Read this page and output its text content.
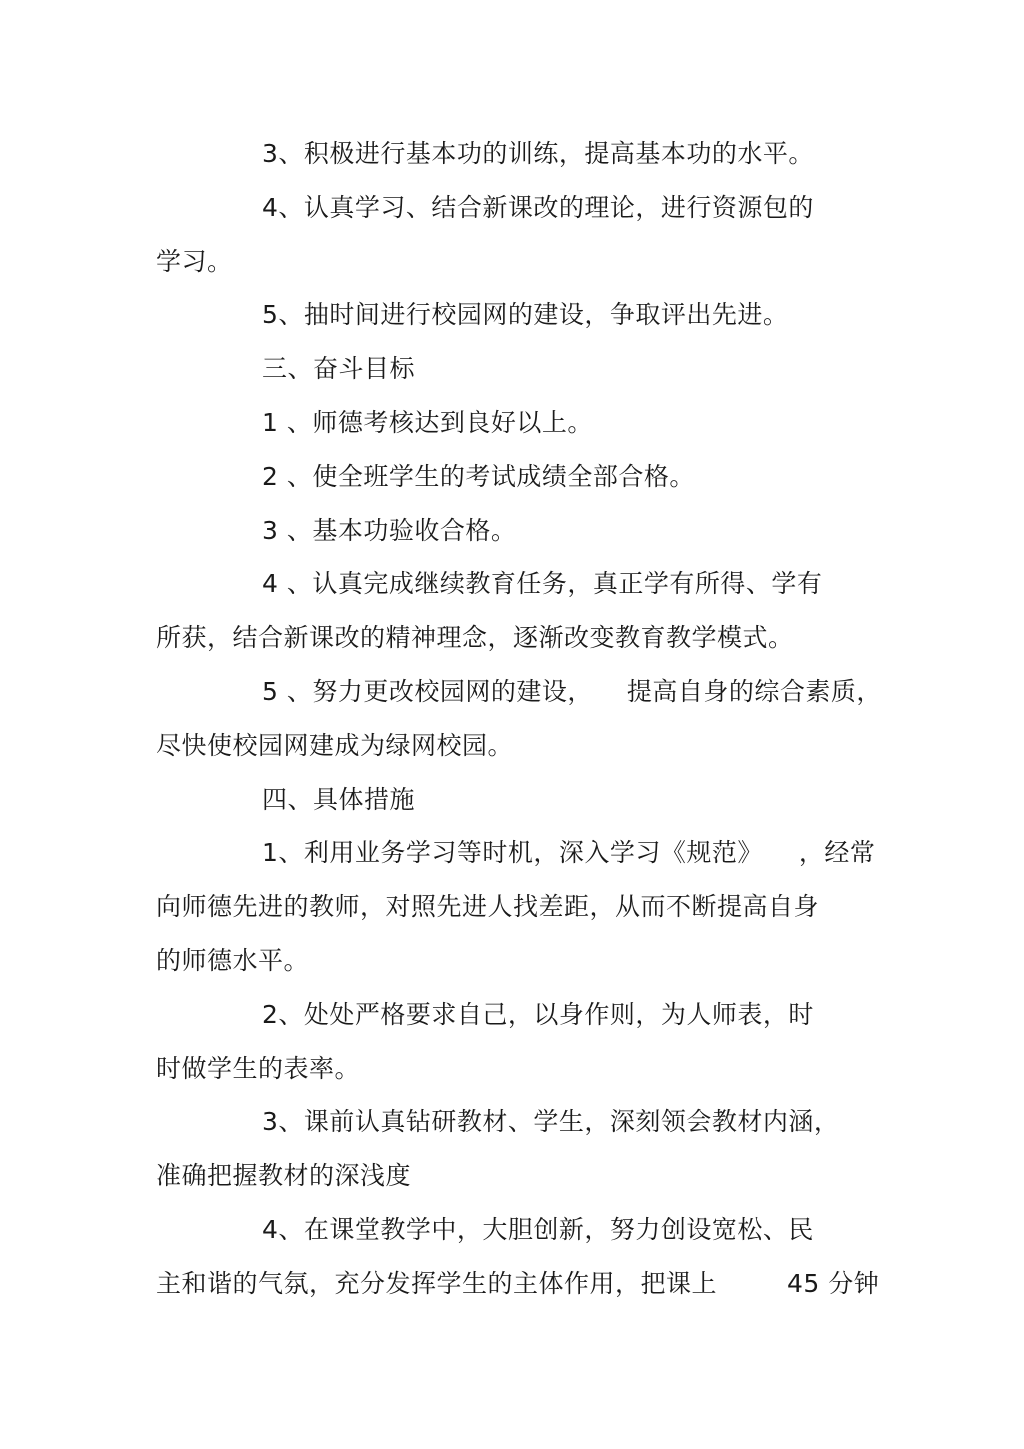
3、积极进行基本功的训练，提高基本功的水平。
4、认真学习、结合新课改的理论，进行资源包的
学习。
5、抽时间进行校园网的建设，争取评出先进。
三、奋斗目标
1 、师德考核达到良好以上。
2 、使全班学生的考试成绩全部合格。
3 、基本功验收合格。
4 、认真完成继续教育任务，真正学有所得、学有
所获，结合新课改的精神理念，逐渐改变教育教学模式。
5 、努力更改校园网的建设， 提高自身的综合素质，
尽快使校园网建成为绿网校园。
四、具体措施
1、利用业务学习等时机，深入学习《规范》 ，经常
向师德先进的教师，对照先进人找差距，从而不断提高自身
的师德水平。
2、处处严格要求自己，以身作则，为人师表，时
时做学生的表率。
3、课前认真钻研教材、学生，深刻领会教材内涵，
准确把握教材的深浅度
4、在课堂教学中，大胆创新，努力创设宽松、民
主和谐的气氛，充分发挥学生的主体作用，把课上	45 分钟
